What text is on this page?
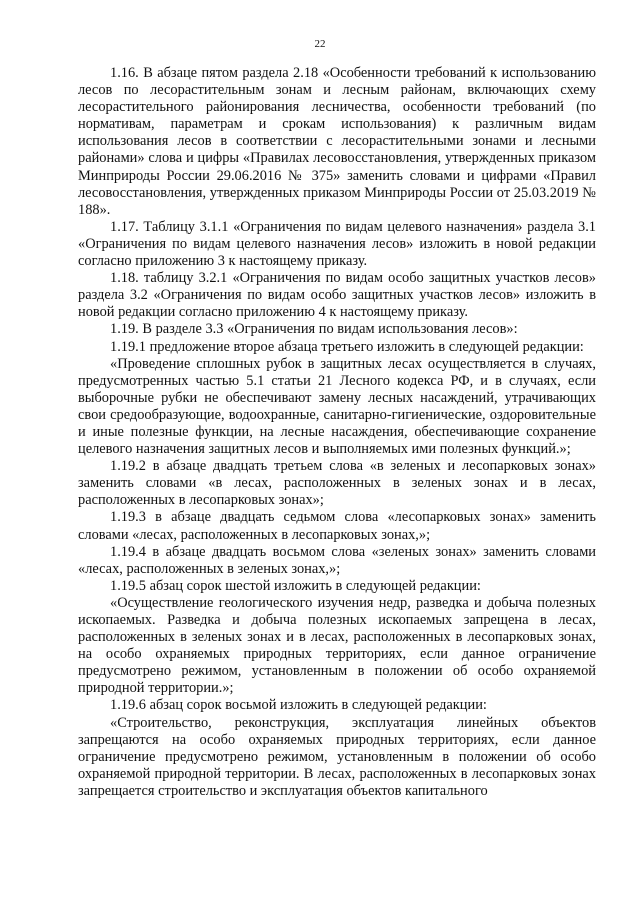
22

1.16. В абзаце пятом раздела 2.18 «Особенности требований к использованию лесов по лесорастительным зонам и лесным районам, включающих схему лесорастительного районирования лесничества, особенности требований (по нормативам, параметрам и срокам использования) к различным видам использования лесов в соответствии с лесорастительными зонами и лесными районами» слова и цифры «Правилах лесовосстановления, утвержденных приказом Минприроды России 29.06.2016 № 375» заменить словами и цифрами «Правил лесовосстановления, утвержденных приказом Минприроды России от 25.03.2019 № 188».

1.17. Таблицу 3.1.1 «Ограничения по видам целевого назначения» раздела 3.1 «Ограничения по видам целевого назначения лесов» изложить в новой редакции согласно приложению 3 к настоящему приказу.

1.18. таблицу 3.2.1 «Ограничения по видам особо защитных участков лесов» раздела 3.2 «Ограничения по видам особо защитных участков лесов» изложить в новой редакции согласно приложению 4 к настоящему приказу.

1.19. В разделе 3.3 «Ограничения по видам использования лесов»:

1.19.1 предложение второе абзаца третьего изложить в следующей редакции:

«Проведение сплошных рубок в защитных лесах осуществляется в случаях, предусмотренных частью 5.1 статьи 21 Лесного кодекса РФ, и в случаях, если выборочные рубки не обеспечивают замену лесных насаждений, утрачивающих свои средообразующие, водоохранные, санитарно-гигиенические, оздоровительные и иные полезные функции, на лесные насаждения, обеспечивающие сохранение целевого назначения защитных лесов и выполняемых ими полезных функций.»;

1.19.2 в абзаце двадцать третьем слова «в зеленых и лесопарковых зонах» заменить словами «в лесах, расположенных в зеленых зонах и в лесах, расположенных в лесопарковых зонах»;

1.19.3 в абзаце двадцать седьмом слова «лесопарковых зонах» заменить словами «лесах, расположенных в лесопарковых зонах,»;

1.19.4 в абзаце двадцать восьмом слова «зеленых зонах» заменить словами «лесах, расположенных в зеленых зонах,»;

1.19.5 абзац сорок шестой изложить в следующей редакции:

«Осуществление геологического изучения недр, разведка и добыча полезных ископаемых. Разведка и добыча полезных ископаемых запрещена в лесах, расположенных в зеленых зонах и в лесах, расположенных в лесопарковых зонах, на особо охраняемых природных территориях, если данное ограничение предусмотрено режимом, установленным в положении об особо охраняемой природной территории.»;

1.19.6 абзац сорок восьмой изложить в следующей редакции:

«Строительство, реконструкция, эксплуатация линейных объектов запрещаются на особо охраняемых природных территориях, если данное ограничение предусмотрено режимом, установленным в положении об особо охраняемой природной территории. В лесах, расположенных в лесопарковых зонах запрещается строительство и эксплуатация объектов капитального
